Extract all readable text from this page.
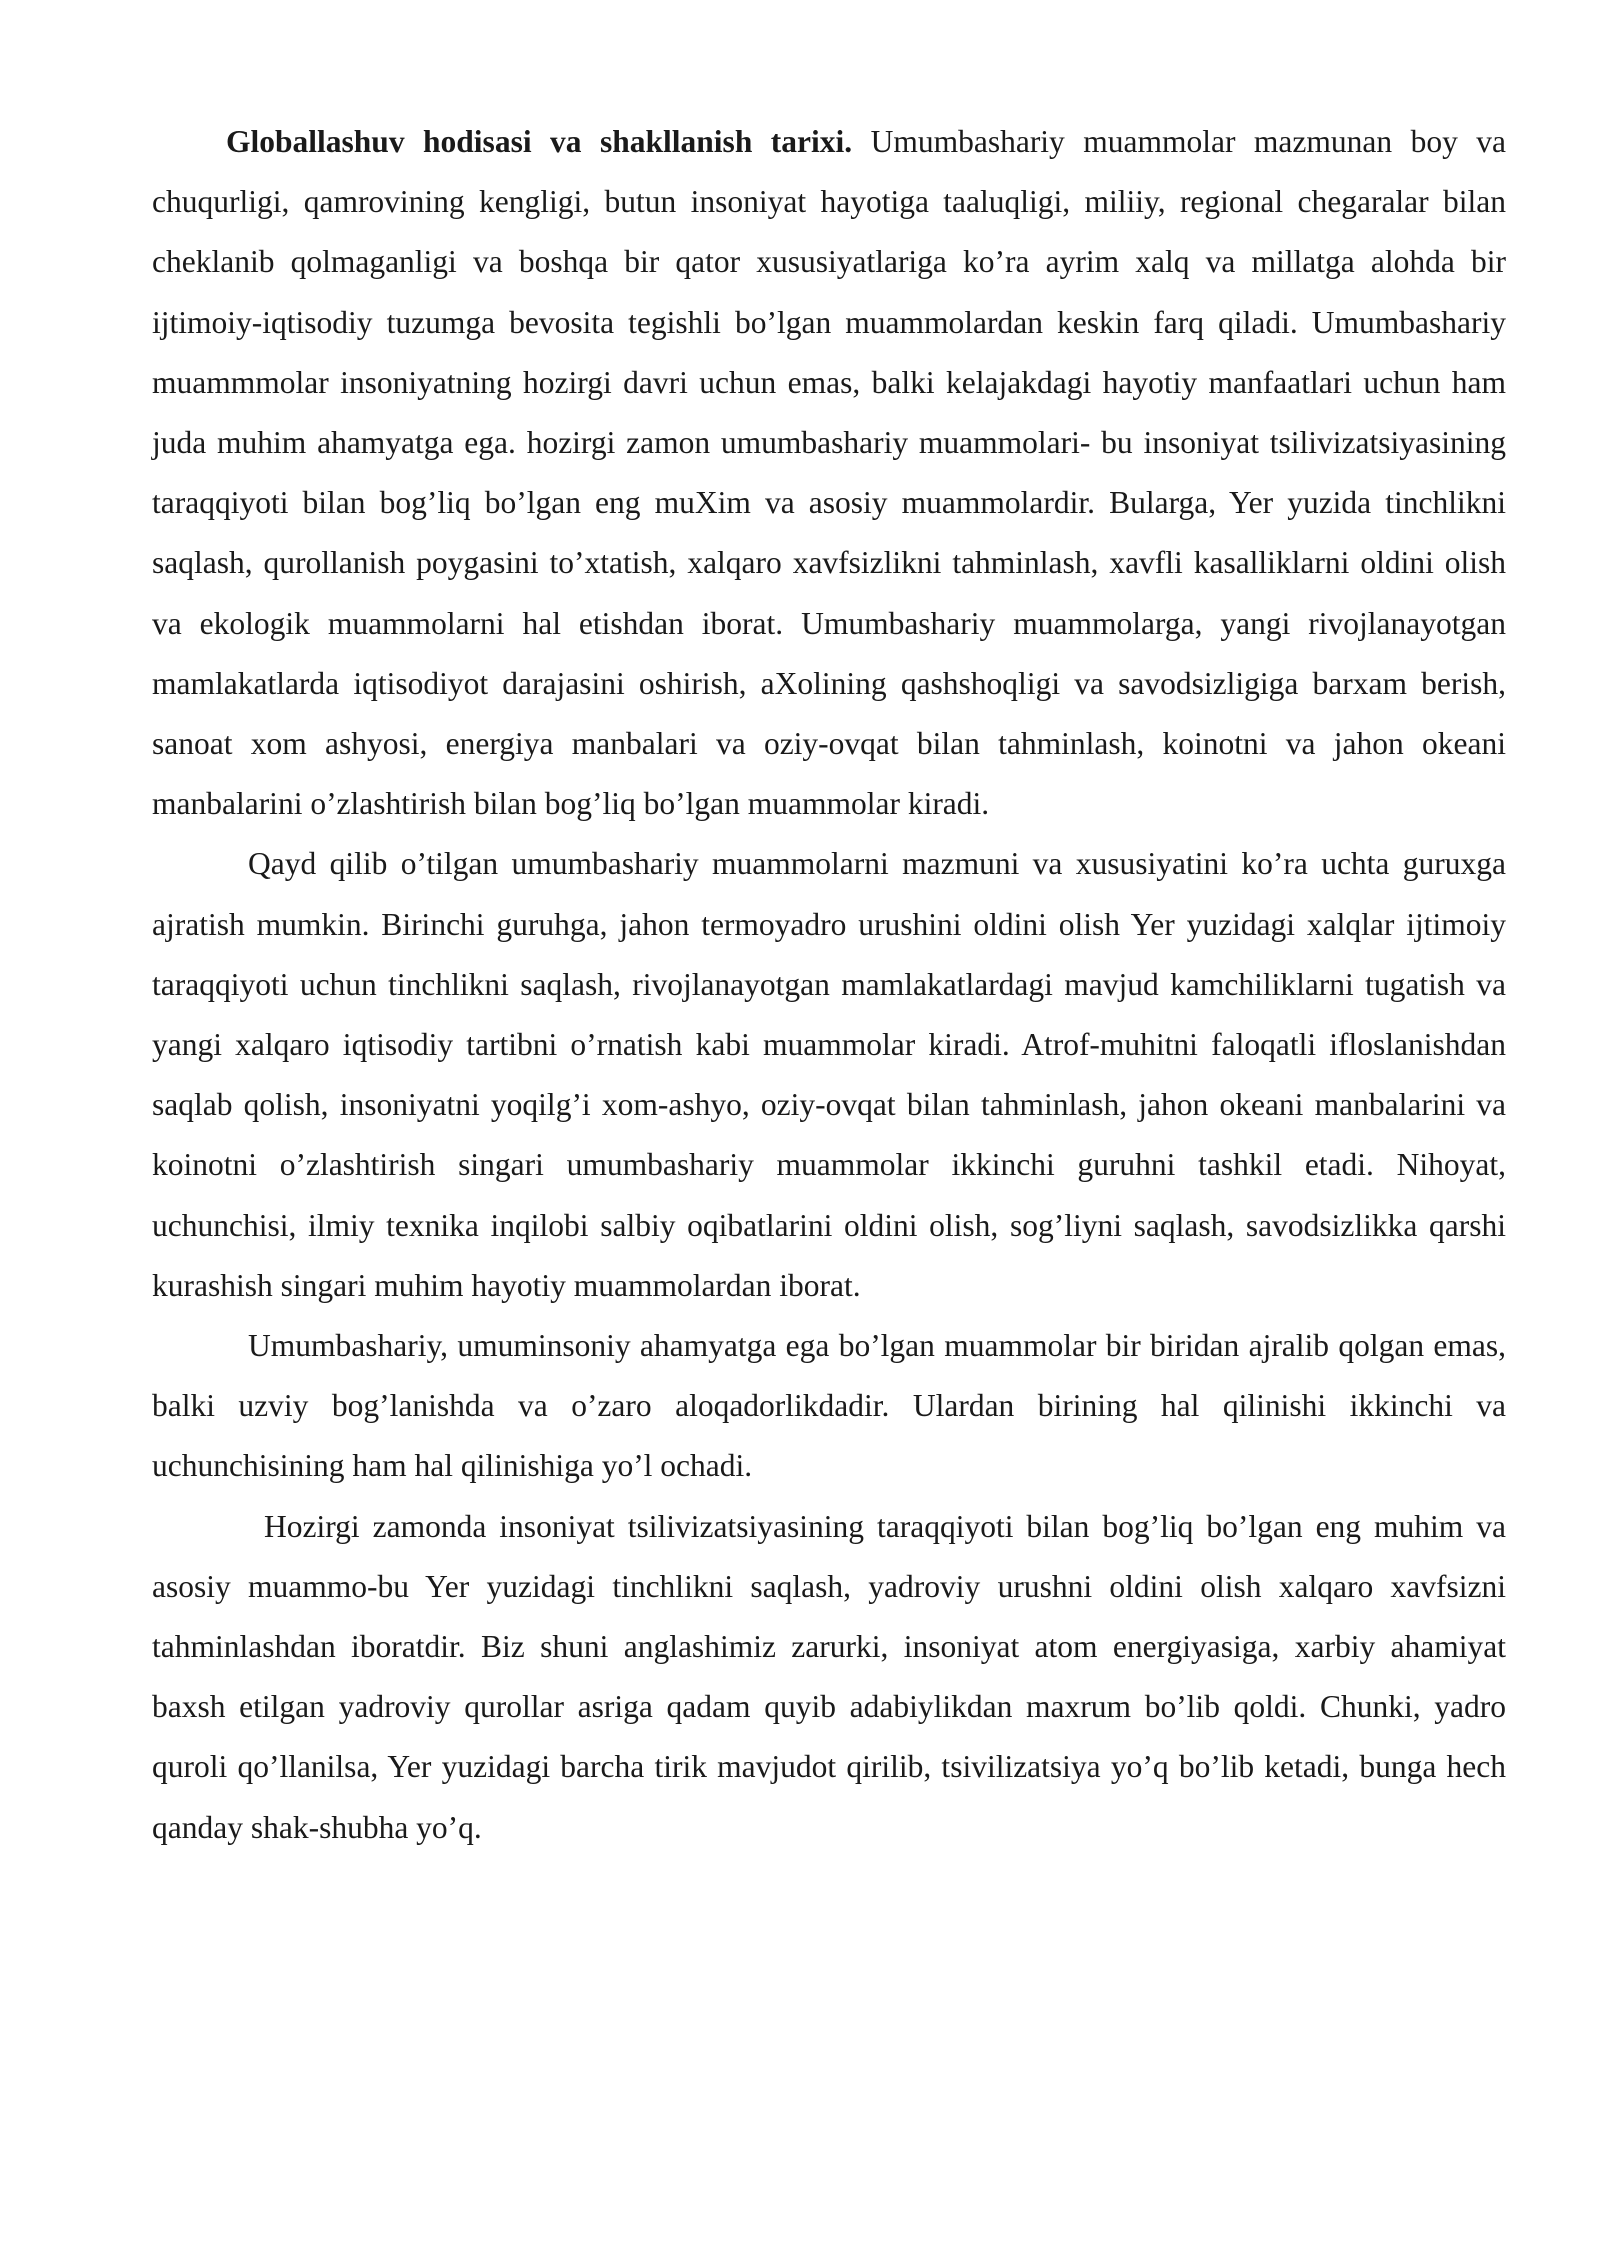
Globallashuv hodisasi va shakllanish tarixi. Umumbashariy muammolar mazmunan boy va chuqurligi, qamrovining kengligi, butun insoniyat hayotiga taaluqligi, miliiy, regional chegaralar bilan cheklanib qolmaganligi va boshqa bir qator xususiyatlariga ko’ra ayrim xalq va millatga alohda bir ijtimoiy-iqtisodiy tuzumga bevosita tegishli bo’lgan muammolardan keskin farq qiladi. Umumbashariy muammmolar insoniyatning hozirgi davri uchun emas, balki kelajakdagi hayotiy manfaatlari uchun ham juda muhim ahamyatga ega. hozirgi zamon umumbashariy muammolari- bu insoniyat tsilivizatsiyasining taraqqiyoti bilan bog’liq bo’lgan eng muXim va asosiy muammolardir. Bularga, Yer yuzida tinchlikni saqlash, qurollanish poygasini to’xtatish, xalqaro xavfsizlikni tahminlash, xavfli kasalliklarni oldini olish va ekologik muammolarni hal etishdan iborat. Umumbashariy muammolarga, yangi rivojlanayotgan mamlakatlarda iqtisodiyot darajasini oshirish, aXolining qashshoqligi va savodsizligiga barxam berish, sanoat xom ashyosi, energiya manbalari va oziy-ovqat bilan tahminlash, koinotni va jahon okeani manbalarini o’zlashtirish bilan bog’liq bo’lgan muammolar kiradi.

Qayd qilib o’tilgan umumbashariy muammolarni mazmuni va xususiyatini ko’ra uchta guruxga ajratish mumkin. Birinchi guruhga, jahon termoyadro urushini oldini olish Yer yuzidagi xalqlar ijtimoiy taraqqiyoti uchun tinchlikni saqlash, rivojlanayotgan mamlakatlardagi mavjud kamchiliklarni tugatish va yangi xalqaro iqtisodiy tartibni o’rnatish kabi muammolar kiradi. Atrof-muhitni faloqatli ifloslanishdan saqlab qolish, insoniyatni yoqilg’i xom-ashyo, oziy-ovqat bilan tahminlash, jahon okeani manbalarini va koinotni o’zlashtirish singari umumbashariy muammolar ikkinchi guruhni tashkil etadi. Nihoyat, uchunchisi, ilmiy texnika inqilobi salbiy oqibatlarini oldini olish, sog’liyni saqlash, savodsizlikka qarshi kurashish singari muhim hayotiy muammolardan iborat.

Umumbashariy, umuminsoniy ahamyatga ega bo’lgan muammolar bir biridan ajralib qolgan emas, balki uzviy bog’lanishda va o’zaro aloqadorlikdadir. Ulardan birining hal qilinishi ikkinchi va uchunchisining ham hal qilinishiga yo’l ochadi.

Hozirgi zamonda insoniyat tsilivizatsiyasining taraqqiyoti bilan bog’liq bo’lgan eng muhim va asosiy muammo-bu Yer yuzidagi tinchlikni saqlash, yadroviy urushni oldini olish xalqaro xavfsizni tahminlashdan iboratdir. Biz shuni anglashimiz zarurki, insoniyat atom energiyasiga, xarbiy ahamiyat baxsh etilgan yadroviy qurollar asriga qadam quyib adabiylikdan maxrum bo’lib qoldi. Chunki, yadro quroli qo’llanilsa, Yer yuzidagi barcha tirik mavjudot qirilib, tsivilizatsiya yo’q bo’lib ketadi, bunga hech qanday shak-shubha yo’q.
